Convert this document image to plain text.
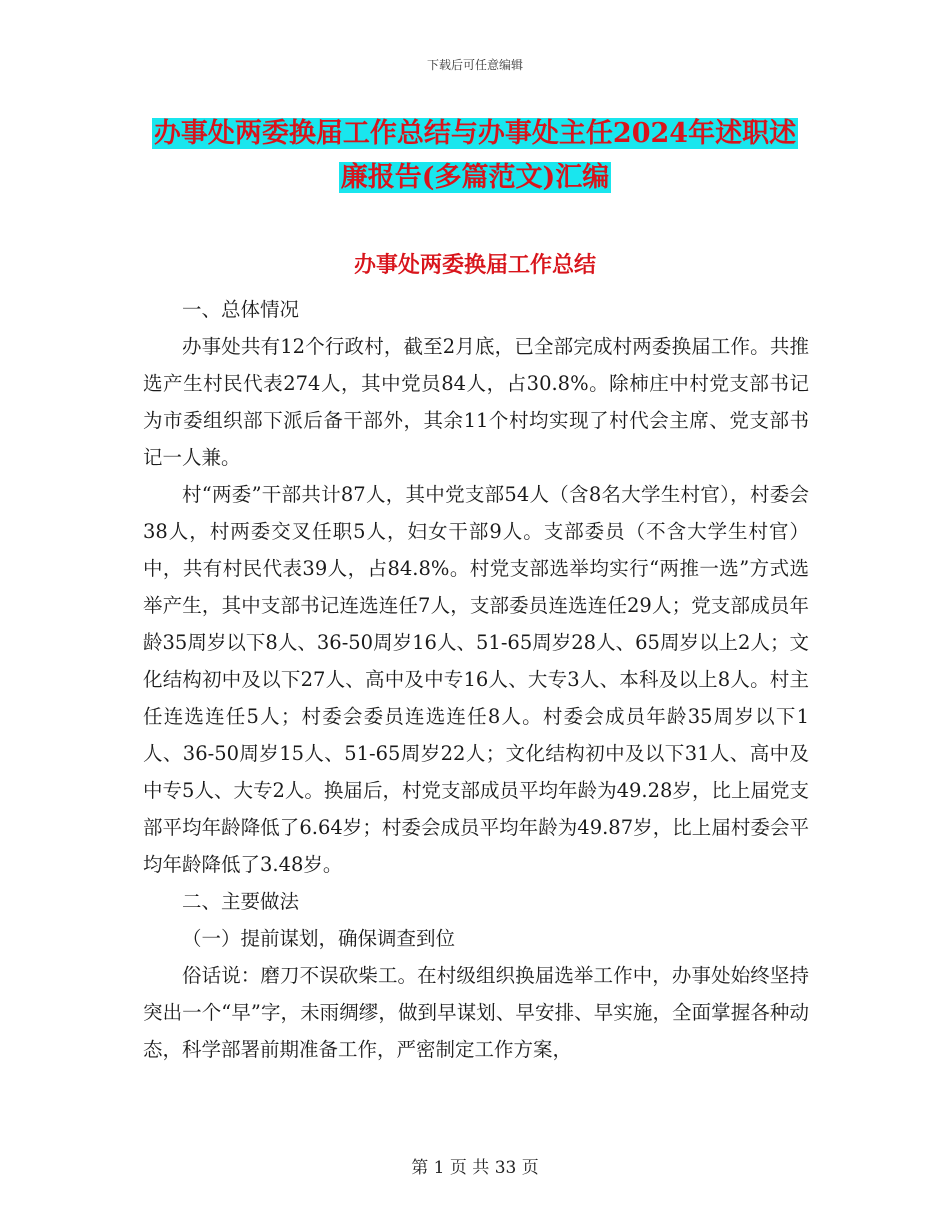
下载后可任意编辑
办事处两委换届工作总结与办事处主任2024年述职述
廉报告(多篇范文)汇编
办事处两委换届工作总结

一、总体情况

办事处共有12个行政村，截至2月底，已全部完成村两委换届工作。共推选产生村民代表274人，其中党员84人，占30.8%。除柿庄中村党支部书记为市委组织部下派后备干部外，其余11个村均实现了村代会主席、党支部书记一人兼。

村“两委”干部共计87人，其中党支部54人（含8名大学生村官），村委会38人，村两委交叉任职5人，妇女干部9人。支部委员（不含大学生村官）中，共有村民代表39人，占84.8%。村党支部选举均实行“两推一选”方式选举产生，其中支部书记连选连任7人，支部委员连选连任29人；党支部成员年龄35周岁以下8人、36-50周岁16人、51-65周岁28人、65周岁以上2人；文化结构初中及以下27人、高中及中专16人、大专3人、本科及以上8人。村主任连选连任5人；村委会委员连选连任8人。村委会成员年龄35周岁以下1人、36-50周岁15人、51-65周岁22人；文化结构初中及以下31人、高中及中专5人、大专2人。换届后，村党支部成员平均年龄为49.28岁，比上届党支部平均年龄降低了6.64岁；村委会成员平均年龄为49.87岁，比上届村委会平均年龄降低了3.48岁。

二、主要做法

（一）提前谋划，确保调查到位

俗话说：磨刀不误砍柴工。在村级组织换届选举工作中，办事处始终坚持突出一个“早”字，未雨绸缪，做到早谋划、早安排、早实施，全面掌握各种动态，科学部署前期准备工作，严密制定工作方案，

第 1 页 共 33 页
